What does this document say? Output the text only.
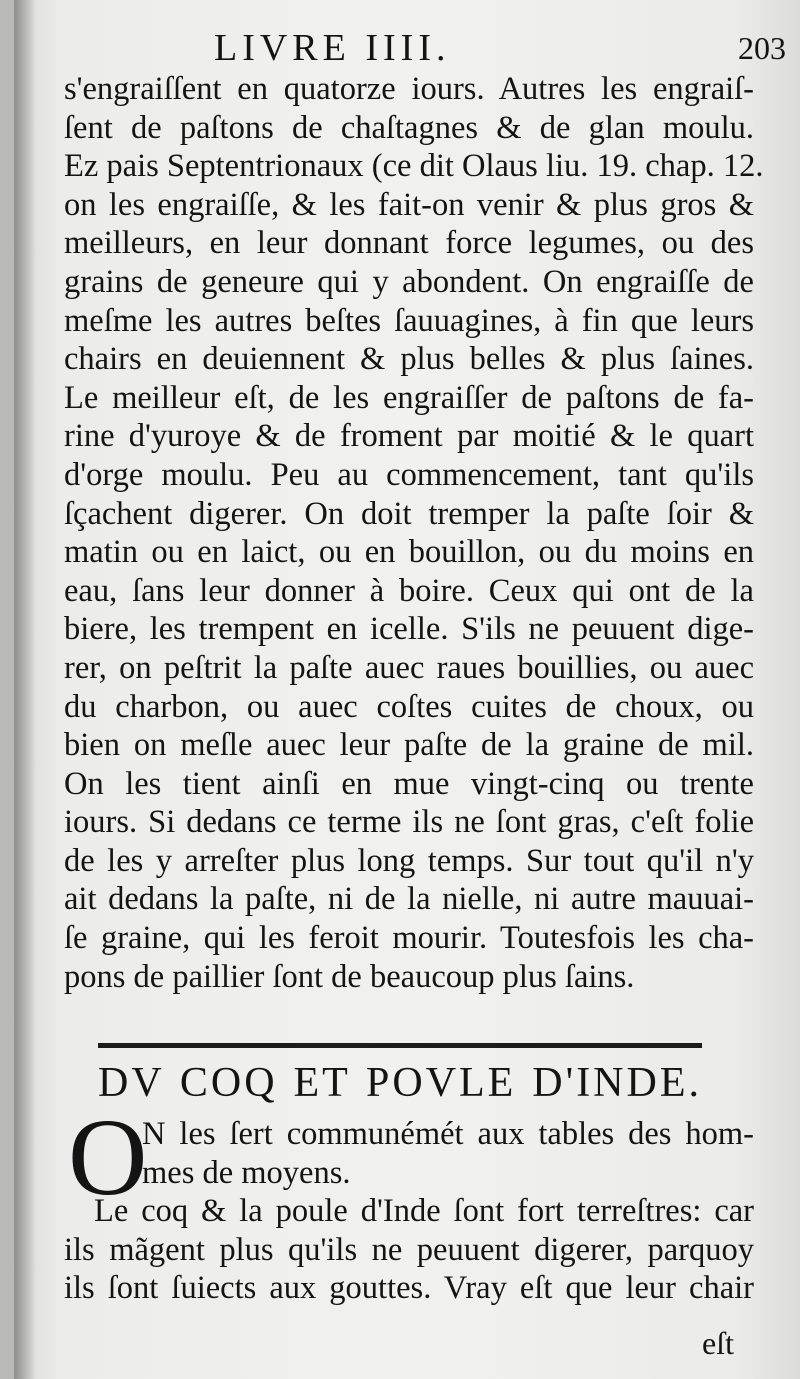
LIVRE IIII.	203
s'engraiſſent en quatorze iours. Autres les engraiſ-
ſent de paſtons de chaſtagnes & de glan moulu.
Ez pais Septentrionaux (ce dit Olaus liu. 19. chap. 12.
on les engraiſſe, & les fait-on venir & plus gros &
meilleurs, en leur donnant force legumes, ou des
grains de geneure qui y abondent. On engraiſſe de
meſme les autres beſtes ſauuagines, à fin que leurs
chairs en deuiennent & plus belles & plus ſaines.
Le meilleur eſt, de les engraiſſer de paſtons de fa-
rine d'yuroye & de froment par moitié & le quart
d'orge moulu. Peu au commencement, tant qu'ils
ſçachent digerer. On doit tremper la paſte ſoir &
matin ou en laict, ou en bouillon, ou du moins en
eau, ſans leur donner à boire. Ceux qui ont de la
biere, les trempent en icelle. S'ils ne peuuent dige-
rer, on peſtrit la paſte auec raues bouillies, ou auec
du charbon, ou auec coſtes cuites de choux, ou
bien on meſle auec leur paſte de la graine de mil.
On les tient ainſi en mue vingt-cinq ou trente
iours. Si dedans ce terme ils ne ſont gras, c'eſt folie
de les y arreſter plus long temps. Sur tout qu'il n'y
ait dedans la paſte, ni de la nielle, ni autre mauuai-
ſe graine, qui les feroit mourir. Toutesfois les cha-
pons de paillier ſont de beaucoup plus ſains.
DV COQ ET POVLE D'INDE.
O
N les ſert communémét aux tables des hom-
mes de moyens.
Le coq & la poule d'Inde ſont fort terreſtres: car
ils mãgent plus qu'ils ne peuuent digerer, parquoy
ils ſont ſuiects aux gouttes. Vray eſt que leur chair
eſt
